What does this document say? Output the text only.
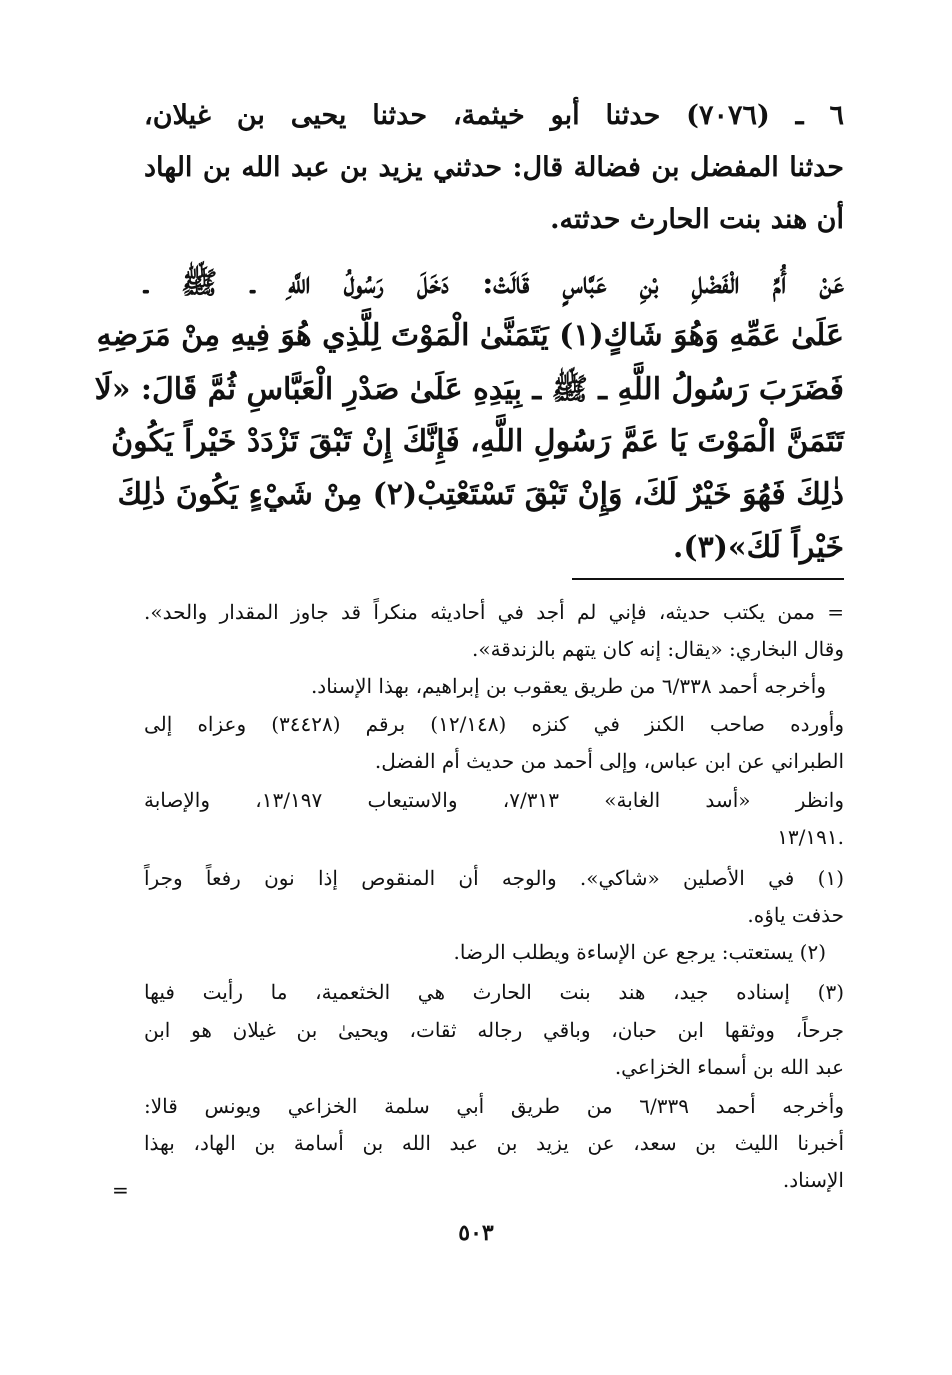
٦ ـ (٧٠٧٦) حدثنا أبو خيثمة، حدثنا يحيى بن غيلان،
حدثنا المفضل بن فضالة قال: حدثني يزيد بن عبد الله بن الهاد
أن هند بنت الحارث حدثته.
عَنْ أُمِّ الْفَضْلِ بْنِ عَبَّاسٍ قَالَتْ: دَخَلَ رَسُولُ اللَّهِ ـ ﷺ ـ
عَلَىٰ عَمِّهِ وَهُوَ شَاكٍ(١) يَتَمَنَّىٰ الْمَوْتَ لِلَّذِي هُوَ فِيهِ مِنْ مَرَضِهِ
فَضَرَبَ رَسُولُ اللَّهِ ـ ﷺ ـ بِيَدِهِ عَلَىٰ صَدْرِ الْعَبَّاسِ ثُمَّ قَالَ: «لَا
تَتَمَنَّ الْمَوْتَ يَا عَمَّ رَسُولِ اللَّهِ، فَإِنَّكَ إِنْ تَبْقَ تَزْدَدْ خَيْراً يَكُونُ
ذٰلِكَ فَهُوَ خَيْرٌ لَكَ، وَإِنْ تَبْقَ تَسْتَعْتِبْ(٢) مِنْ شَيْءٍ يَكُونَ ذٰلِكَ
خَيْراً لَكَ»(٣).
= ممن يكتب حديثه، فإني لم أجد في أحاديثه منكراً قد جاوز المقدار والحد».
وقال البخاري: «يقال: إنه كان يتهم بالزندقة».
وأخرجه أحمد ٦/٣٣٨ من طريق يعقوب بن إبراهيم، بهذا الإسناد.
وأورده صاحب الكنز في كنزه (١٢/١٤٨) برقم (٣٤٤٢٨) وعزاه إلى
الطبراني عن ابن عباس، وإلى أحمد من حديث أم الفضل.
وانظر «أسد الغابة» ٧/٣١٣، والاستيعاب ١٣/١٩٧، والإصابة
١٣/١٩١.
(١) في الأصلين «شاكي». والوجه أن المنقوص إذا نون رفعاً وجراً
حذفت ياؤه.
(٢) يستعتب: يرجع عن الإساءة ويطلب الرضا.
(٣) إسناده جيد، هند بنت الحارث هي الخثعمية، ما رأيت فيها
جرحاً، ووثقها ابن حبان، وباقي رجاله ثقات، ويحيىٰ بن غيلان هو ابن
عبد الله بن أسماء الخزاعي.
وأخرجه أحمد ٦/٣٣٩ من طريق أبي سلمة الخزاعي ويونس قالا:
أخبرنا الليث بن سعد، عن يزيد بن عبد الله بن أسامة بن الهاد، بهذا
الإسناد.
=
٥٠٣
